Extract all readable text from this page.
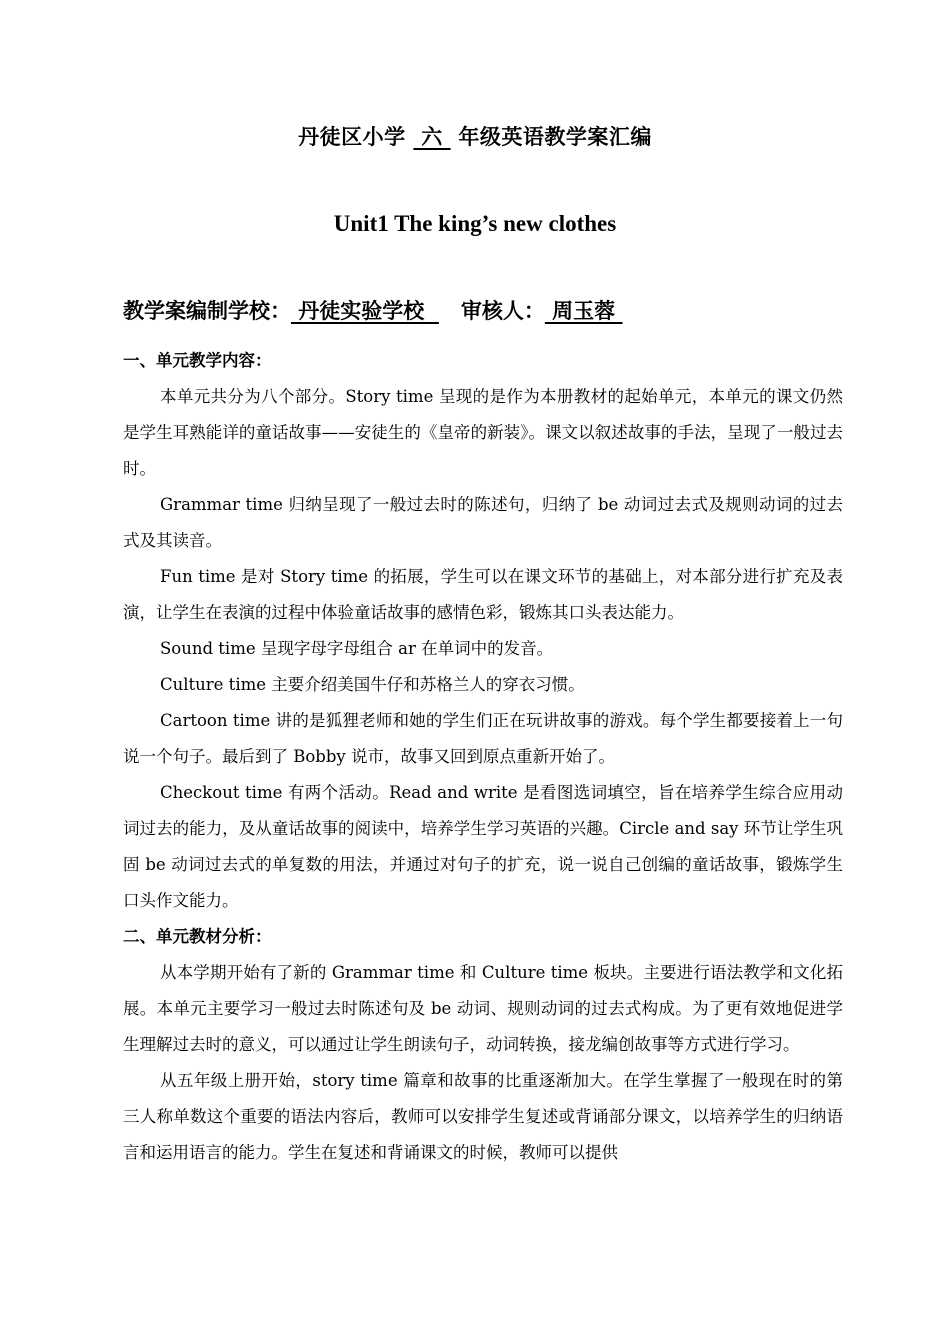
丹徒区小学  六  年级英语教学案汇编
Unit1 The king’s new clothes
教学案编制学校： 丹徒实验学校     审核人： 周玉蓉
一、单元教学内容：

本单元共分为八个部分。Story time 呈现的是作为本册教材的起始单元，本单元的课文仍然是学生耳熟能详的童话故事——安徒生的《皇帝的新装》。课文以叙述故事的手法，呈现了一般过去时。

Grammar time 归纳呈现了一般过去时的陈述句，归纳了 be 动词过去式及规则动词的过去式及其读音。

Fun time 是对 Story time 的拓展，学生可以在课文环节的基础上，对本部分进行扩充及表演，让学生在表演的过程中体验童话故事的感情色彩，锻炼其口头表达能力。

Sound time 呈现字母字母组合 ar 在单词中的发音。

Culture time 主要介绍美国牛仔和苏格兰人的穿衣习惯。

Cartoon time 讲的是狐狸老师和她的学生们正在玩讲故事的游戏。每个学生都要接着上一句说一个句子。最后到了 Bobby 说市，故事又回到原点重新开始了。

Checkout time 有两个活动。Read and write 是看图选词填空，旨在培养学生综合应用动词过去的能力，及从童话故事的阅读中，培养学生学习英语的兴趣。Circle and say 环节让学生巩固 be 动词过去式的单复数的用法，并通过对句子的扩充，说一说自己创编的童话故事，锻炼学生口头作文能力。

二、单元教材分析：

从本学期开始有了新的 Grammar time 和 Culture time 板块。主要进行语法教学和文化拓展。本单元主要学习一般过去时陈述句及 be 动词、规则动词的过去式构成。为了更有效地促进学生理解过去时的意义，可以通过让学生朗读句子，动词转换，接龙编创故事等方式进行学习。

从五年级上册开始，story time 篇章和故事的比重逐渐加大。在学生掌握了一般现在时的第三人称单数这个重要的语法内容后，教师可以安排学生复述或背诵部分课文，以培养学生的归纳语言和运用语言的能力。学生在复述和背诵课文的时候，教师可以提供
